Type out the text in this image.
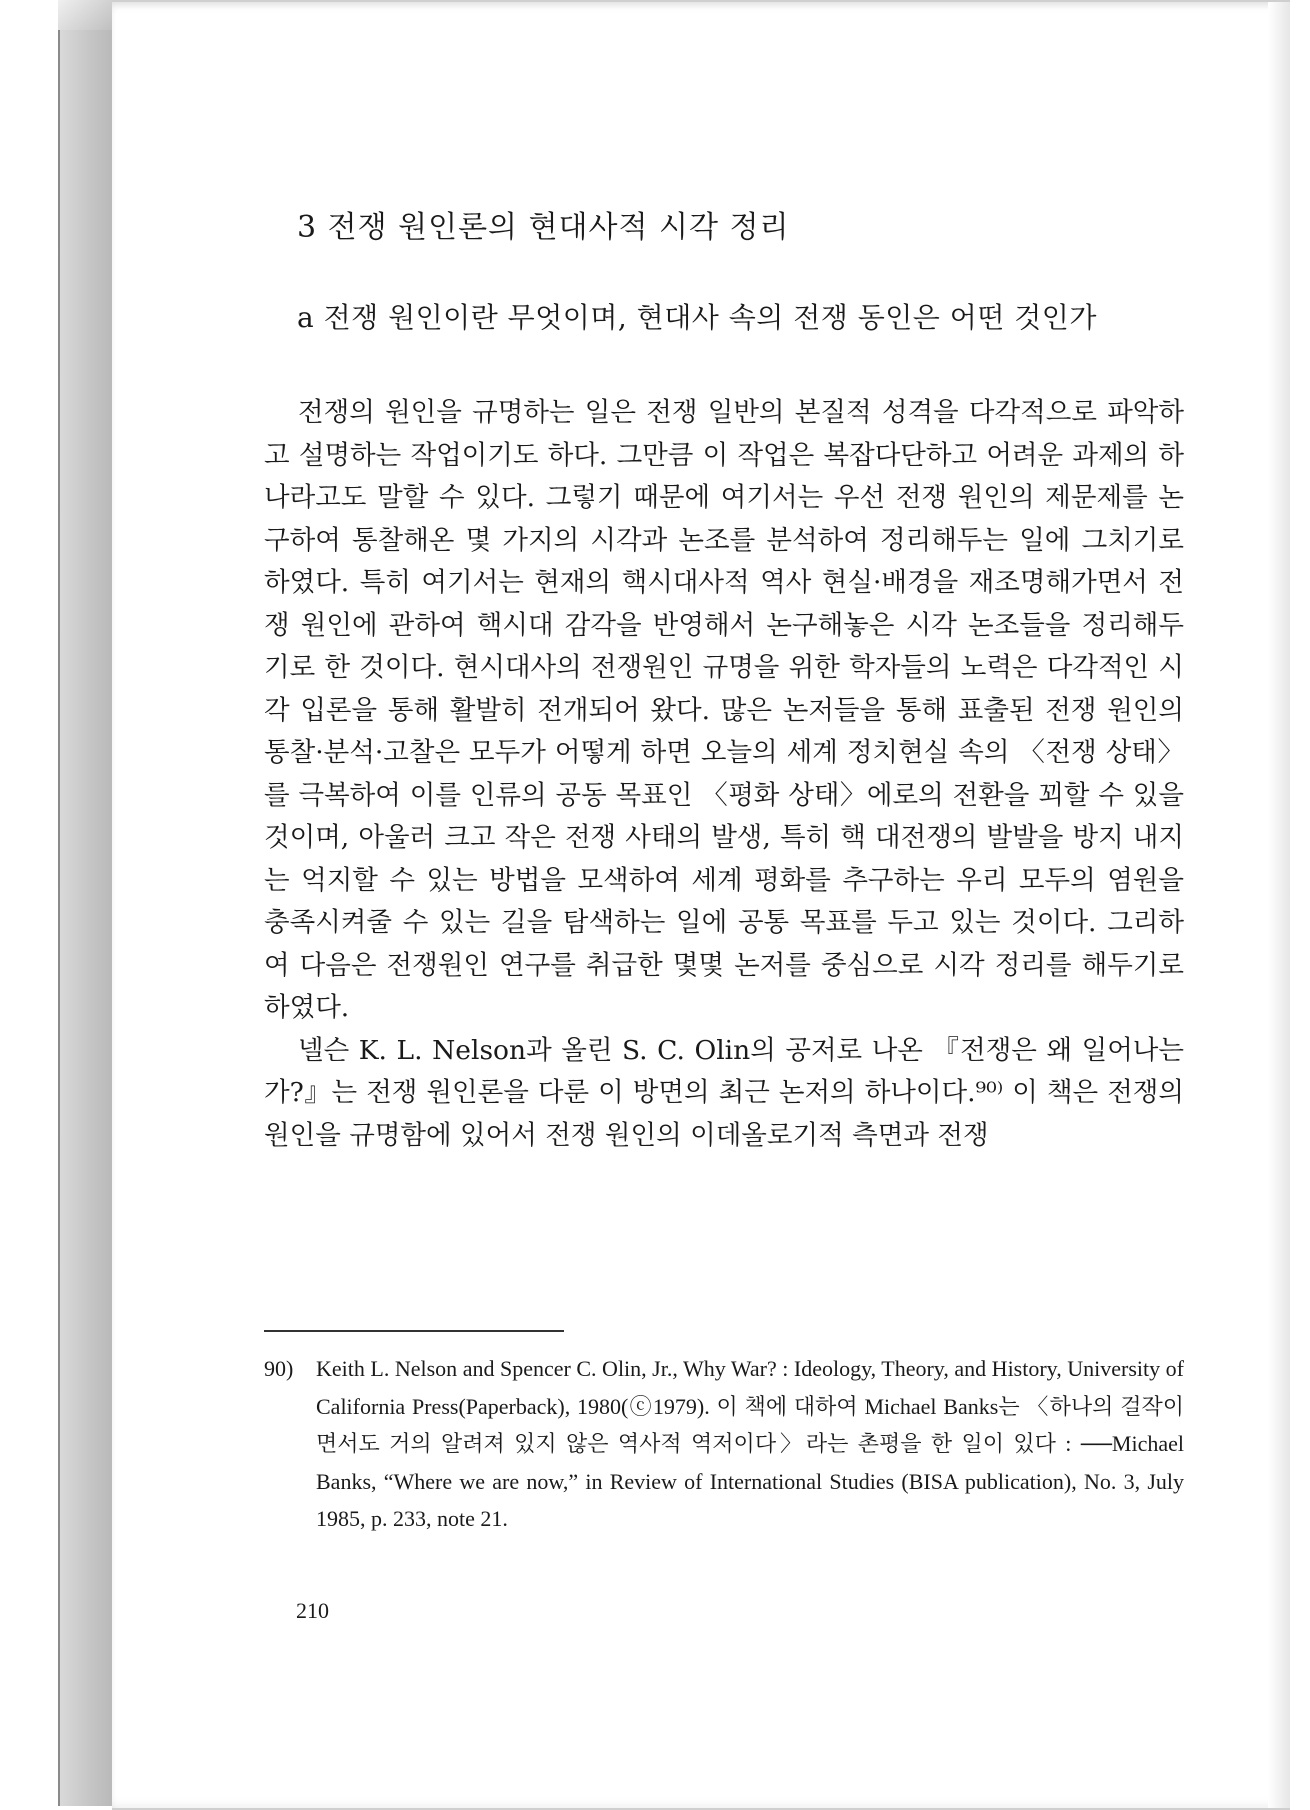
3 전쟁 원인론의 현대사적 시각 정리
a 전쟁 원인이란 무엇이며, 현대사 속의 전쟁 동인은 어떤 것인가

전쟁의 원인을 규명하는 일은 전쟁 일반의 본질적 성격을 다각적으로 파악하고 설명하는 작업이기도 하다. 그만큼 이 작업은 복잡다단하고 어려운 과제의 하나라고도 말할 수 있다. 그렇기 때문에 여기서는 우선 전쟁 원인의 제문제를 논구하여 통찰해온 몇 가지의 시각과 논조를 분석하여 정리해두는 일에 그치기로 하였다. 특히 여기서는 현재의 핵시대사적 역사 현실·배경을 재조명해가면서 전쟁 원인에 관하여 핵시대 감각을 반영해서 논구해놓은 시각 논조들을 정리해두기로 한 것이다. 현시대사의 전쟁원인 규명을 위한 학자들의 노력은 다각적인 시각 입론을 통해 활발히 전개되어 왔다. 많은 논저들을 통해 표출된 전쟁 원인의 통찰·분석·고찰은 모두가 어떻게 하면 오늘의 세계 정치현실 속의 〈전쟁 상태〉를 극복하여 이를 인류의 공동 목표인 〈평화 상태〉에로의 전환을 꾀할 수 있을 것이며, 아울러 크고 작은 전쟁 사태의 발생, 특히 핵 대전쟁의 발발을 방지 내지는 억지할 수 있는 방법을 모색하여 세계 평화를 추구하는 우리 모두의 염원을 충족시켜줄 수 있는 길을 탐색하는 일에 공통 목표를 두고 있는 것이다. 그리하여 다음은 전쟁원인 연구를 취급한 몇몇 논저를 중심으로 시각 정리를 해두기로 하였다.

넬슨 K. L. Nelson과 올린 S. C. Olin의 공저로 나온 『전쟁은 왜 일어나는가?』는 전쟁 원인론을 다룬 이 방면의 최근 논저의 하나이다.⁹⁰⁾ 이 책은 전쟁의 원인을 규명함에 있어서 전쟁 원인의 이데올로기적 측면과 전쟁

90) Keith L. Nelson and Spencer C. Olin, Jr., Why War? : Ideology, Theory, and History, University of California Press(Paperback), 1980(ⓒ1979). 이 책에 대하여 Michael Banks는 〈하나의 걸작이면서도 거의 알려져 있지 않은 역사적 역저이다〉라는 촌평을 한 일이 있다 : ──Michael Banks, “Where we are now,” in Review of International Studies (BISA publication), No. 3, July 1985, p. 233, note 21.
210
